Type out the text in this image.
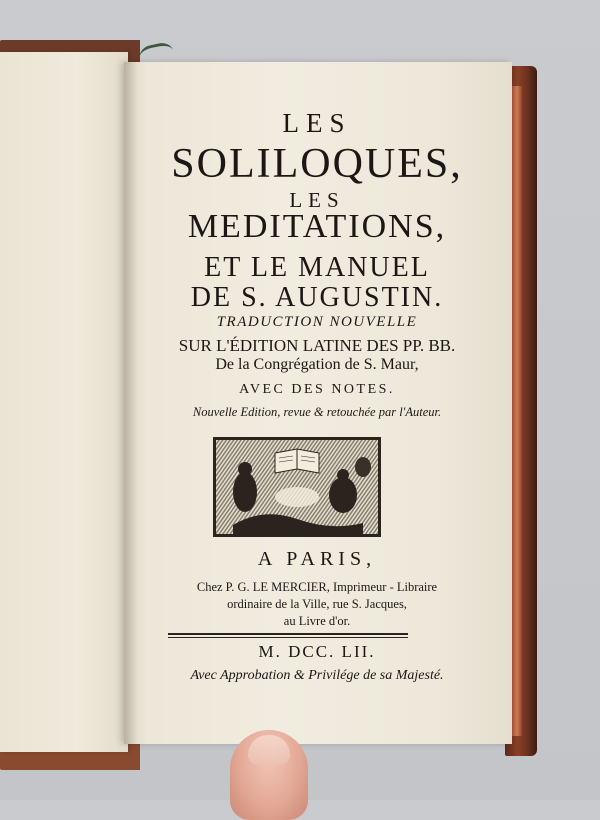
LES

SOLILOQUES,

LES

MEDITATIONS,

ET LE MANUEL

DE S. AUGUSTIN.

TRADUCTION NOUVELLE

SUR L'ÉDITION LATINE DES PP. BB.

De la Congrégation de S. Maur,

AVEC DES NOTES.

Nouvelle Edition, revue & retouchée par l'Auteur.

A PARIS,

Chez P. G. LE MERCIER, Imprimeur - Libraire

ordinaire de la Ville, rue S. Jacques,

au Livre d'or.

M. DCC. LII.

Avec Approbation & Privilége de sa Majesté.
